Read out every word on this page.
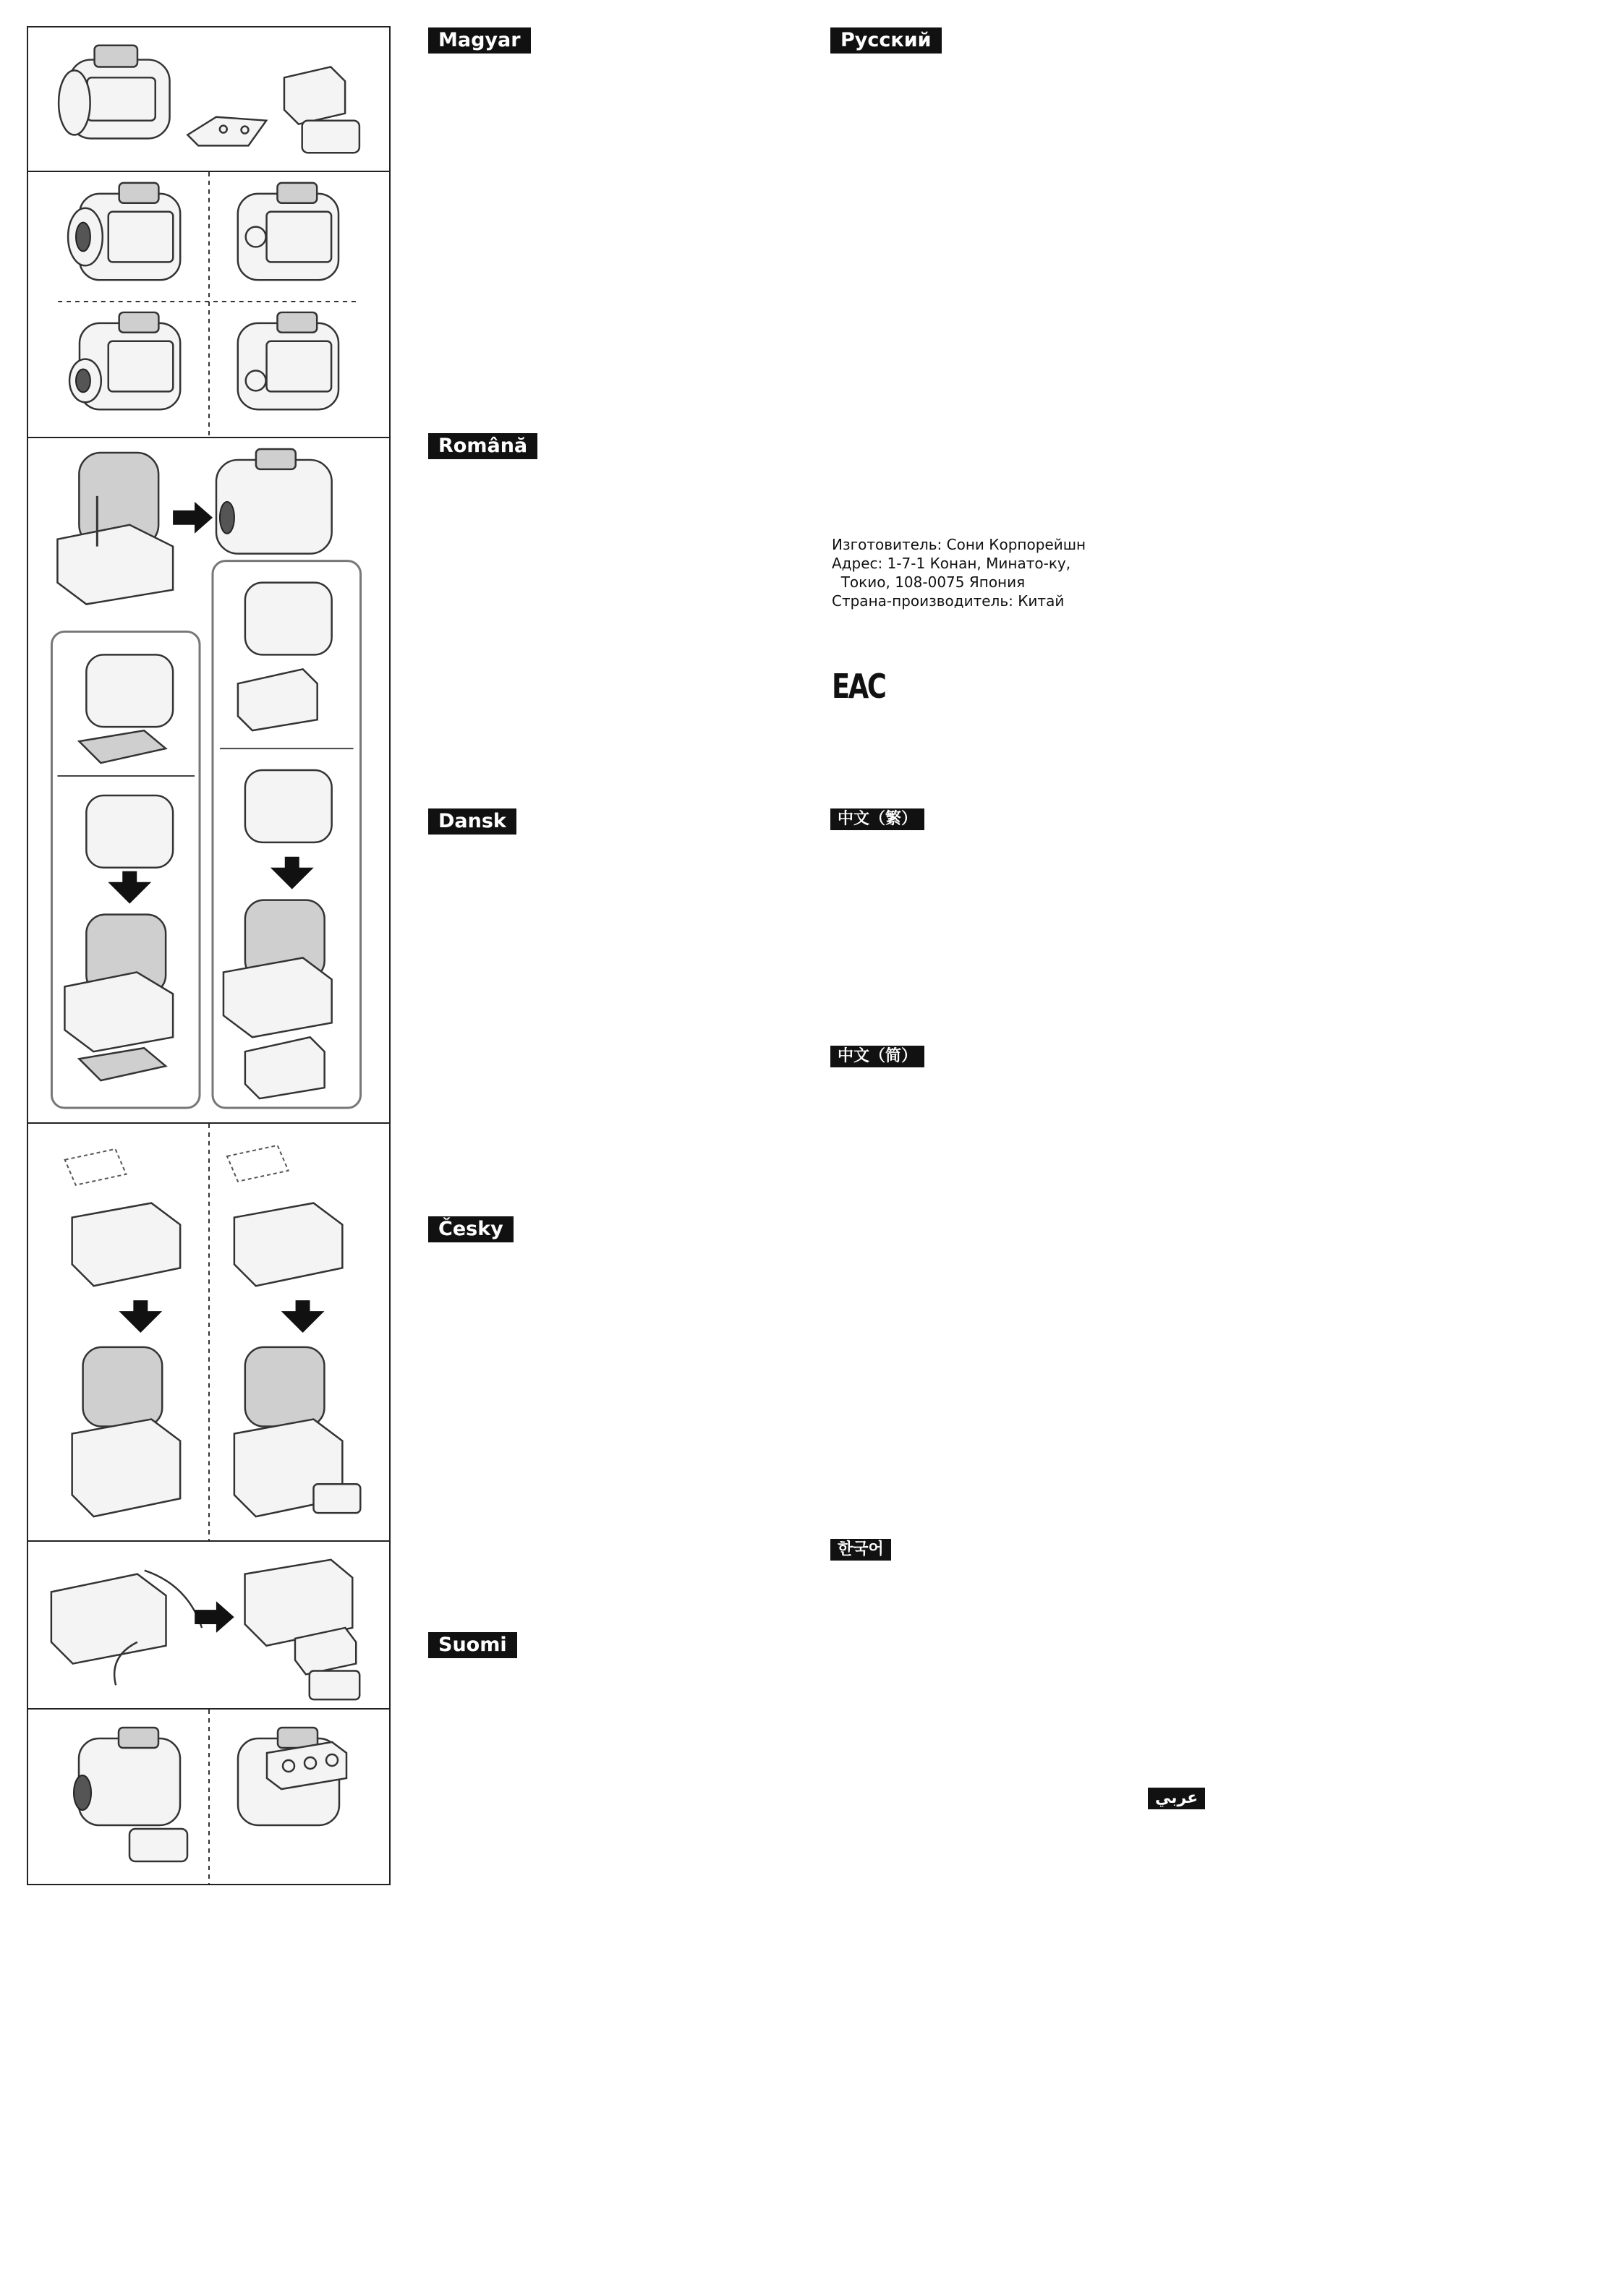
Magyar
Română
Dansk
Česky
Suomi
Русский
中文（繁）
中文（简）
한국어
عربي
Изготовитель: Сони Корпорейшн
Адрес: 1-7-1 Конан, Минато-ку,
Токио, 108-0075 Япония
Страна-производитель: Китай
EAC
